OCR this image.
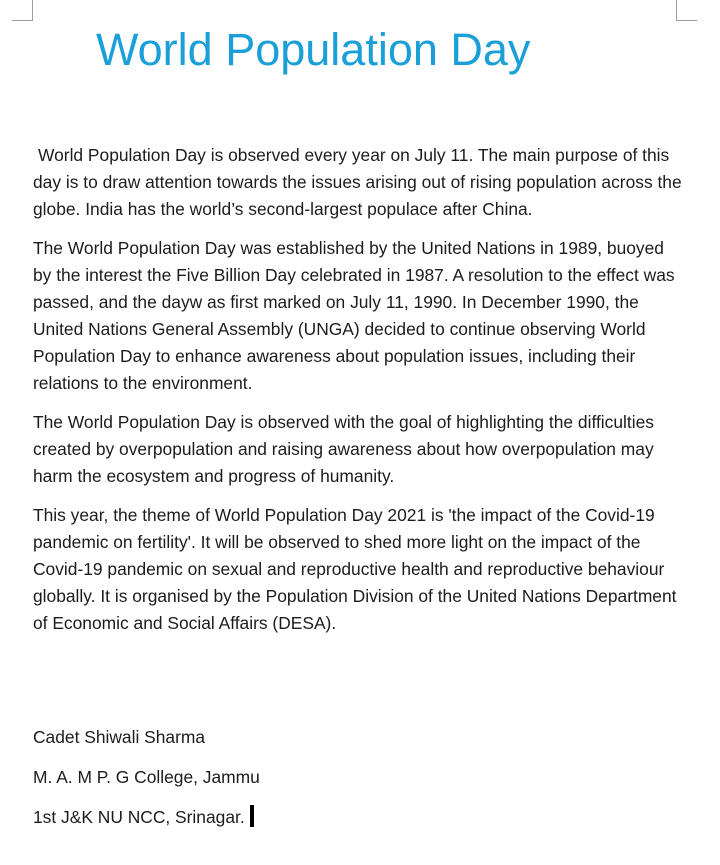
World Population Day

World Population Day is observed every year on July 11. The main purpose of this day is to draw attention towards the issues arising out of rising population across the globe. India has the world’s second-largest populace after China.

The World Population Day was established by the United Nations in 1989, buoyed by the interest the Five Billion Day celebrated in 1987. A resolution to the effect was passed, and the dayw as first marked on July 11, 1990. In December 1990, the United Nations General Assembly (UNGA) decided to continue observing World Population Day to enhance awareness about population issues, including their relations to the environment.

The World Population Day is observed with the goal of highlighting the difficulties created by overpopulation and raising awareness about how overpopulation may harm the ecosystem and progress of humanity.

This year, the theme of World Population Day 2021 is 'the impact of the Covid-19 pandemic on fertility'. It will be observed to shed more light on the impact of the Covid-19 pandemic on sexual and reproductive health and reproductive behaviour globally. It is organised by the Population Division of the United Nations Department of Economic and Social Affairs (DESA).

Cadet Shiwali Sharma

M. A. M P. G College, Jammu

1st J&K NU NCC, Srinagar.
